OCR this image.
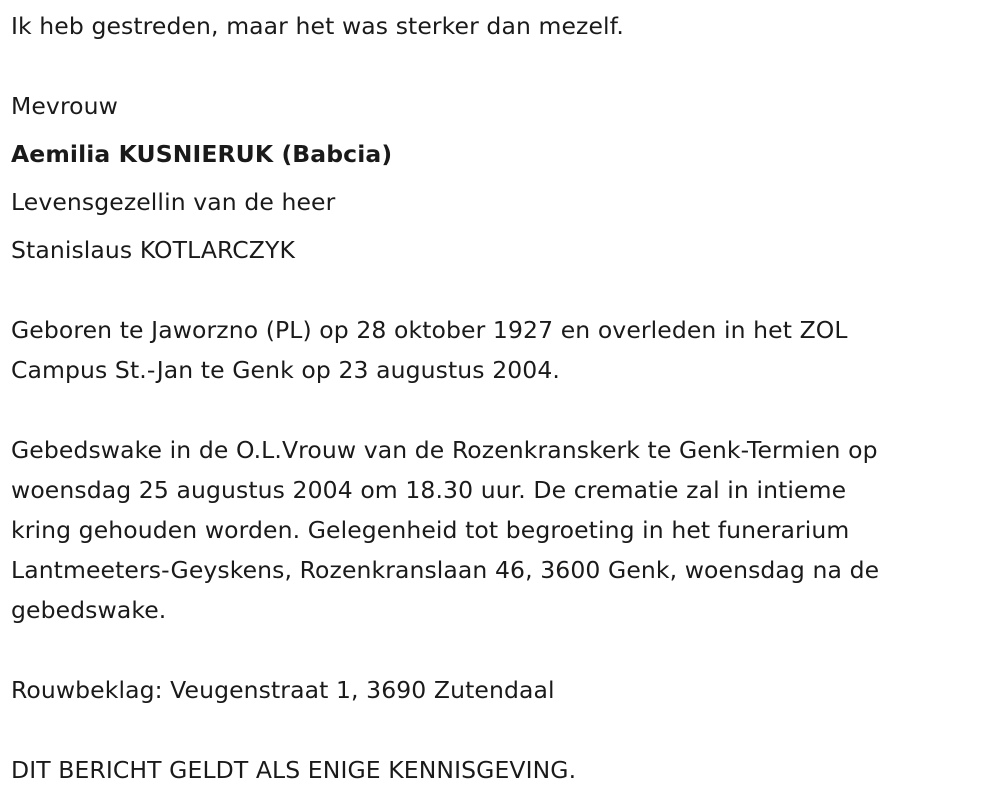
Ik heb gestreden, maar het was sterker dan mezelf.

Mevrouw

Aemilia KUSNIERUK (Babcia)

Levensgezellin van de heer

Stanislaus KOTLARCZYK

Geboren te Jaworzno (PL) op 28 oktober 1927 en overleden in het ZOL

Campus St.-Jan te Genk op 23 augustus 2004.

Gebedswake in de O.L.Vrouw van de Rozenkranskerk te Genk-Termien op

woensdag 25 augustus 2004 om 18.30 uur. De crematie zal in intieme

kring gehouden worden. Gelegenheid tot begroeting in het funerarium

Lantmeeters-Geyskens, Rozenkranslaan 46, 3600 Genk, woensdag na de

gebedswake.

Rouwbeklag: Veugenstraat 1, 3690 Zutendaal

DIT BERICHT GELDT ALS ENIGE KENNISGEVING.
